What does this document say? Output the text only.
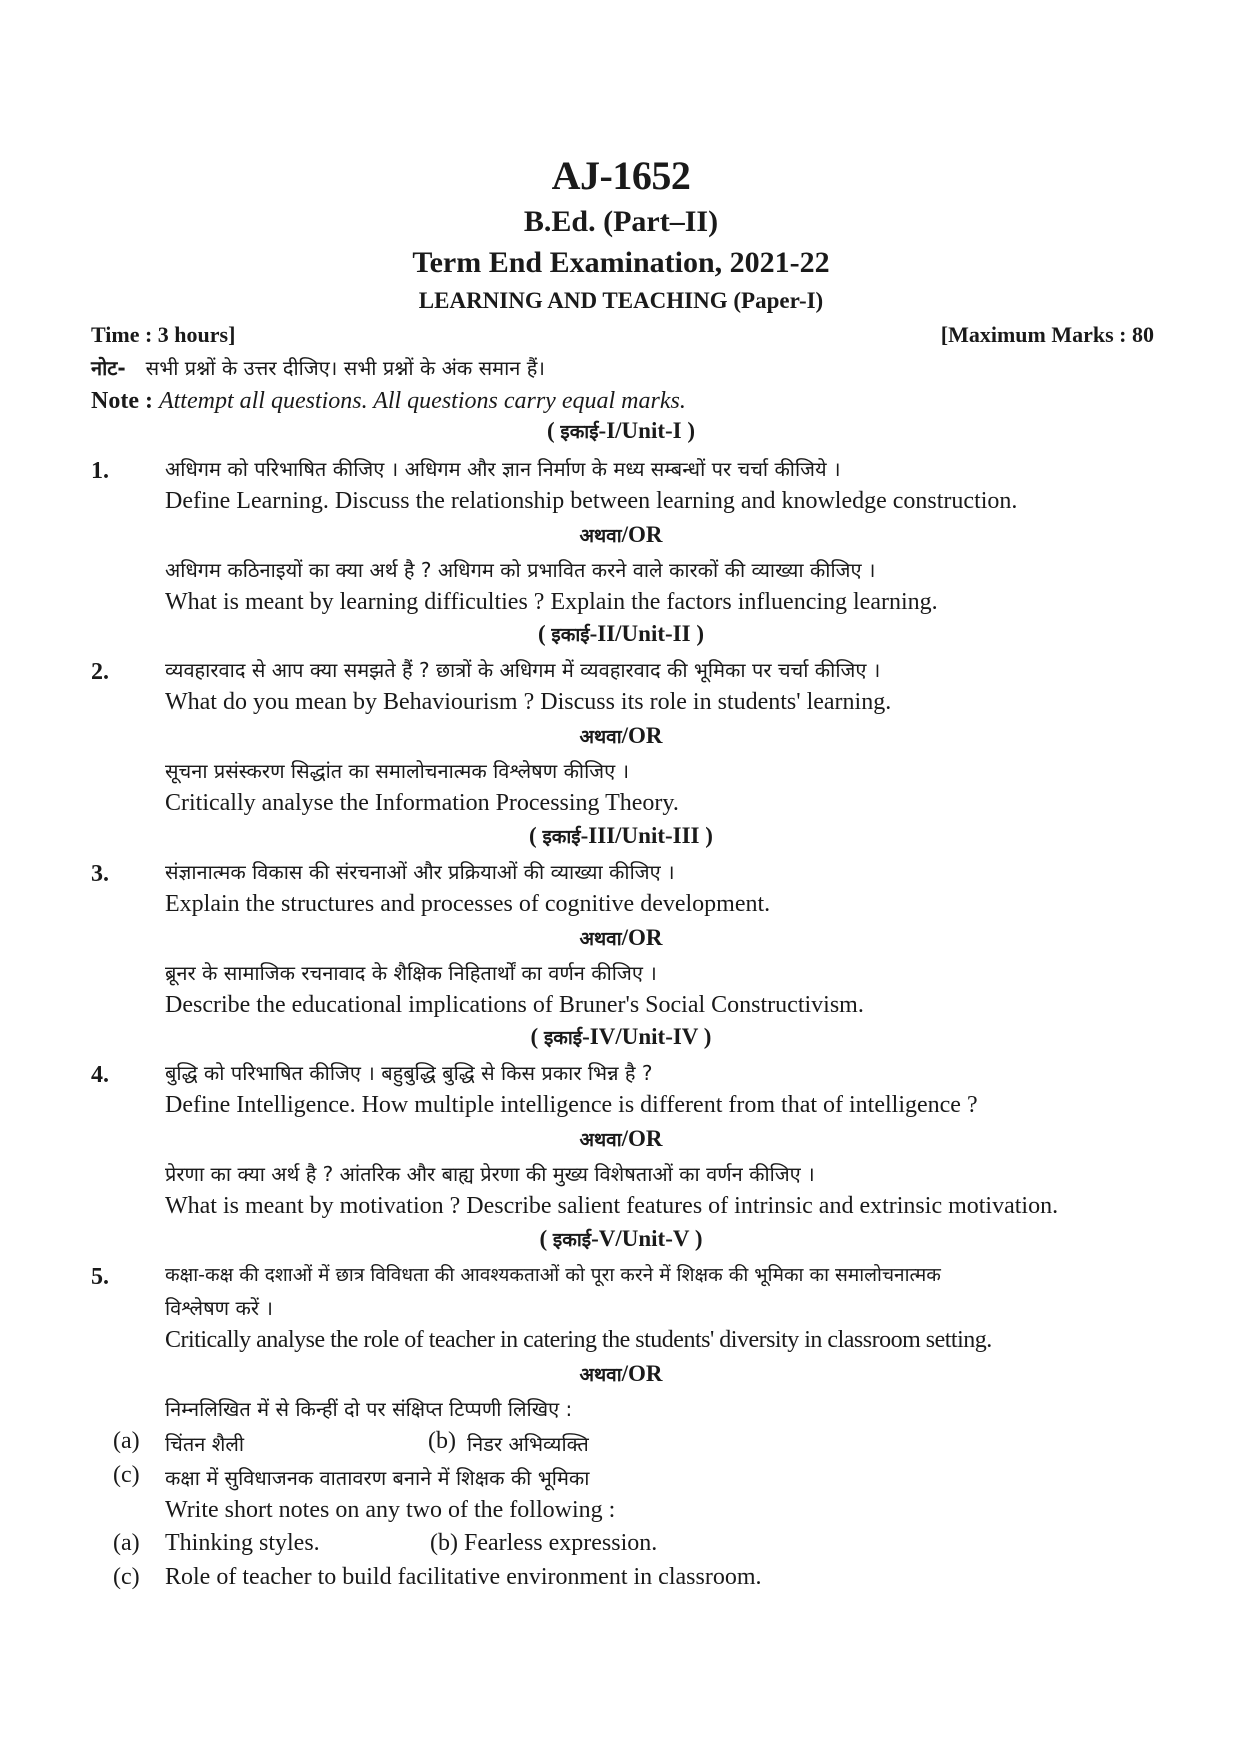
AJ-1652
B.Ed. (Part–II)
Term End Examination, 2021-22
LEARNING AND TEACHING (Paper-I)
Time : 3 hours]	[Maximum Marks : 80
नोट- सभी प्रश्नों के उत्तर दीजिए। सभी प्रश्नों के अंक समान हैं।
Note : Attempt all questions. All questions carry equal marks.
( इकाई-I/Unit-I )
1.	अधिगम को परिभाषित कीजिए । अधिगम और ज्ञान निर्माण के मध्य सम्बन्धों पर चर्चा कीजिये ।
Define Learning. Discuss the relationship between learning and knowledge construction.
अथवा/OR
अधिगम कठिनाइयों का क्या अर्थ है ? अधिगम को प्रभावित करने वाले कारकों की व्याख्या कीजिए ।
What is meant by learning difficulties ? Explain the factors influencing learning.
( इकाई-II/Unit-II )
2.	व्यवहारवाद से आप क्या समझते हैं ? छात्रों के अधिगम में व्यवहारवाद की भूमिका पर चर्चा कीजिए ।
What do you mean by Behaviourism ? Discuss its role in students' learning.
अथवा/OR
सूचना प्रसंस्करण सिद्धांत का समालोचनात्मक विश्लेषण कीजिए ।
Critically analyse the Information Processing Theory.
( इकाई-III/Unit-III )
3.	संज्ञानात्मक विकास की संरचनाओं और प्रक्रियाओं की व्याख्या कीजिए ।
Explain the structures and processes of cognitive development.
अथवा/OR
ब्रूनर के सामाजिक रचनावाद के शैक्षिक निहितार्थों का वर्णन कीजिए ।
Describe the educational implications of Bruner's Social Constructivism.
( इकाई-IV/Unit-IV )
4.	बुद्धि को परिभाषित कीजिए । बहुबुद्धि बुद्धि से किस प्रकार भिन्न है ?
Define Intelligence. How multiple intelligence is different from that of intelligence ?
अथवा/OR
प्रेरणा का क्या अर्थ है ? आंतरिक और बाह्य प्रेरणा की मुख्य विशेषताओं का वर्णन कीजिए ।
What is meant by motivation ? Describe salient features of intrinsic and extrinsic motivation.
( इकाई-V/Unit-V )
5.	कक्षा-कक्ष की दशाओं में छात्र विविधता की आवश्यकताओं को पूरा करने में शिक्षक की भूमिका का समालोचनात्मक
विश्लेषण करें ।
Critically analyse the role of teacher in catering the students' diversity in classroom setting.
अथवा/OR
निम्नलिखित में से किन्हीं दो पर संक्षिप्त टिप्पणी लिखिए :
(a) चिंतन शैली	(b) निडर अभिव्यक्ति
(c) कक्षा में सुविधाजनक वातावरण बनाने में शिक्षक की भूमिका
Write short notes on any two of the following :
(a) Thinking styles.	(b) Fearless expression.
(c) Role of teacher to build facilitative environment in classroom.
